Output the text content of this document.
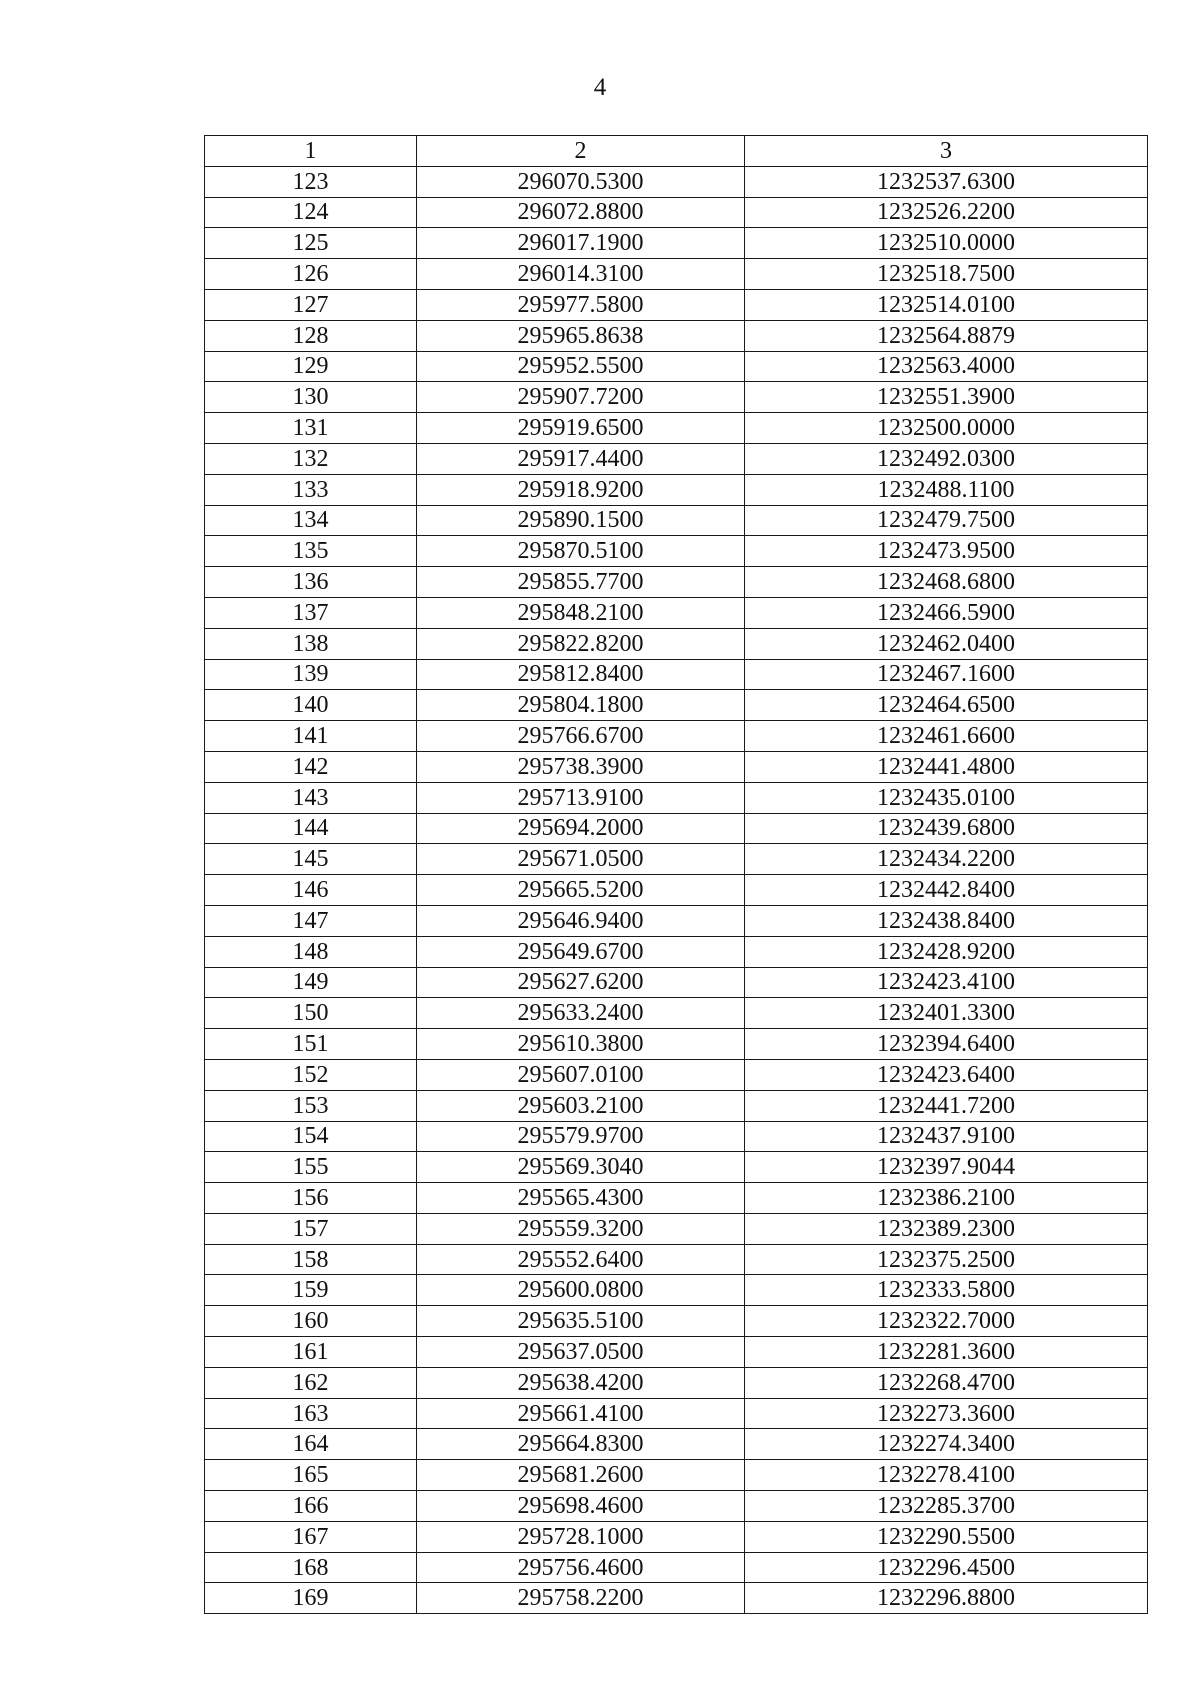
4
1	2	3
123	296070.5300	1232537.6300
124	296072.8800	1232526.2200
125	296017.1900	1232510.0000
126	296014.3100	1232518.7500
127	295977.5800	1232514.0100
128	295965.8638	1232564.8879
129	295952.5500	1232563.4000
130	295907.7200	1232551.3900
131	295919.6500	1232500.0000
132	295917.4400	1232492.0300
133	295918.9200	1232488.1100
134	295890.1500	1232479.7500
135	295870.5100	1232473.9500
136	295855.7700	1232468.6800
137	295848.2100	1232466.5900
138	295822.8200	1232462.0400
139	295812.8400	1232467.1600
140	295804.1800	1232464.6500
141	295766.6700	1232461.6600
142	295738.3900	1232441.4800
143	295713.9100	1232435.0100
144	295694.2000	1232439.6800
145	295671.0500	1232434.2200
146	295665.5200	1232442.8400
147	295646.9400	1232438.8400
148	295649.6700	1232428.9200
149	295627.6200	1232423.4100
150	295633.2400	1232401.3300
151	295610.3800	1232394.6400
152	295607.0100	1232423.6400
153	295603.2100	1232441.7200
154	295579.9700	1232437.9100
155	295569.3040	1232397.9044
156	295565.4300	1232386.2100
157	295559.3200	1232389.2300
158	295552.6400	1232375.2500
159	295600.0800	1232333.5800
160	295635.5100	1232322.7000
161	295637.0500	1232281.3600
162	295638.4200	1232268.4700
163	295661.4100	1232273.3600
164	295664.8300	1232274.3400
165	295681.2600	1232278.4100
166	295698.4600	1232285.3700
167	295728.1000	1232290.5500
168	295756.4600	1232296.4500
169	295758.2200	1232296.8800
